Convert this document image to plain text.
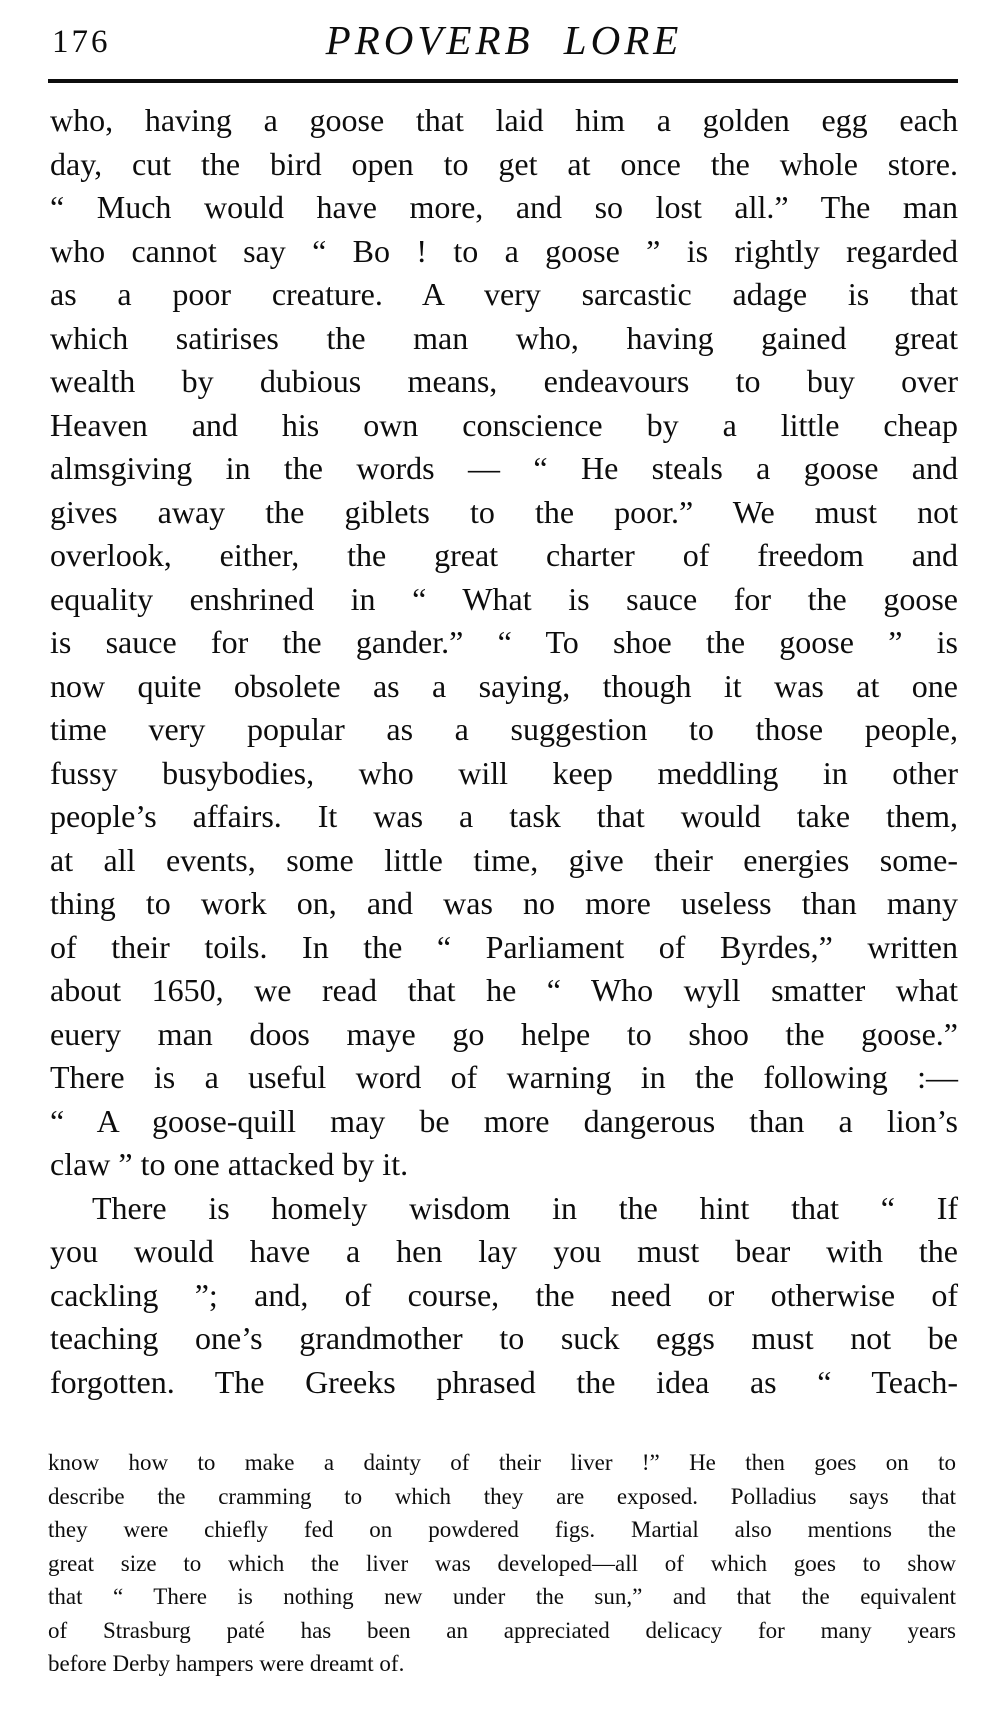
176	PROVERB LORE
who, having a goose that laid him a golden egg each
day, cut the bird open to get at once the whole store.
“ Much would have more, and so lost all.” The man
who cannot say “ Bo ! to a goose ” is rightly regarded
as a poor creature. A very sarcastic adage is that
which satirises the man who, having gained great
wealth by dubious means, endeavours to buy over
Heaven and his own conscience by a little cheap
almsgiving in the words — “ He steals a goose and
gives away the giblets to the poor.” We must not
overlook, either, the great charter of freedom and
equality enshrined in “ What is sauce for the goose
is sauce for the gander.” “ To shoe the goose ” is
now quite obsolete as a saying, though it was at one
time very popular as a suggestion to those people,
fussy busybodies, who will keep meddling in other
people’s affairs. It was a task that would take them,
at all events, some little time, give their energies some-
thing to work on, and was no more useless than many
of their toils. In the “ Parliament of Byrdes,” written
about 1650, we read that he “ Who wyll smatter what
euery man doos maye go helpe to shoo the goose.”
There is a useful word of warning in the following :—
“ A goose-quill may be more dangerous than a lion’s
claw ” to one attacked by it.
There is homely wisdom in the hint that “ If
you would have a hen lay you must bear with the
cackling ”; and, of course, the need or otherwise of
teaching one’s grandmother to suck eggs must not be
forgotten. The Greeks phrased the idea as “ Teach-
know how to make a dainty of their liver !” He then goes on to
describe the cramming to which they are exposed. Polladius says that
they were chiefly fed on powdered figs. Martial also mentions the
great size to which the liver was developed—all of which goes to show
that “ There is nothing new under the sun,” and that the equivalent
of Strasburg paté has been an appreciated delicacy for many years
before Derby hampers were dreamt of.
